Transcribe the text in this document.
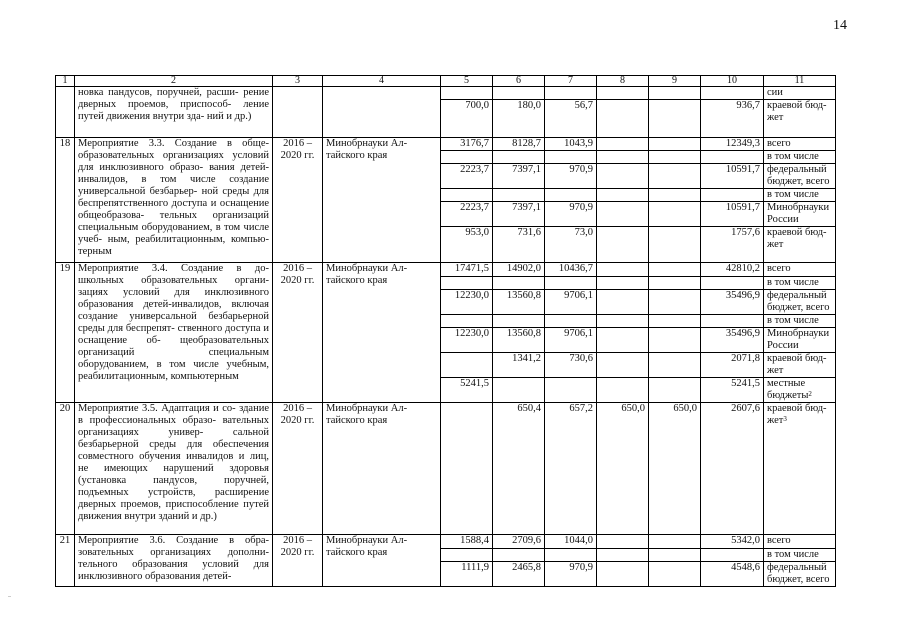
14
1	2	3	4	5	6	7	8	9	10	11
	новка пандусов, поручней, расши- рение дверных проемов, приспособ- ление путей движения внутри зда- ний и др.)									сии
				700,0	180,0	56,7			936,7	краевой бюд- жет
18	Мероприятие 3.3. Создание в обще- образовательных организациях условий для инклюзивного образо- вания детей-инвалидов, в том числе создание универсальной безбарьер- ной среды для беспрепятственного доступа и оснащение общеобразова- тельных организаций специальным оборудованием, в том числе учеб- ным, реабилитационным, компью- терным	2016 – 2020 гг.	Минобрнауки Ал- тайского края	3176,7	8128,7	1043,9			12349,3	всего
										в том числе
				2223,7	7397,1	970,9			10591,7	федеральный бюджет, всего
										в том числе
				2223,7	7397,1	970,9			10591,7	Минобрнауки России
				953,0	731,6	73,0			1757,6	краевой бюд- жет
19	Мероприятие 3.4. Создание в до- школьных образовательных органи- зациях условий для инклюзивного образования детей-инвалидов, включая создание универсальной безбарьерной среды для беспрепят- ственного доступа и оснащение об- щеобразовательных организаций специальным оборудованием, в том числе учебным, реабилитационным, компьютерным	2016 – 2020 гг.	Минобрнауки Ал- тайского края	17471,5	14902,0	10436,7			42810,2	всего
										в том числе
				12230,0	13560,8	9706,1			35496,9	федеральный бюджет, всего
										в том числе
				12230,0	13560,8	9706,1			35496,9	Минобрнауки России
					1341,2	730,6			2071,8	краевой бюд- жет
				5241,5					5241,5	местные бюджеты$^2$
20	Мероприятие 3.5. Адаптация и со- здание в профессиональных образо- вательных организациях универ- сальной безбарьерной среды для обеспечения совместного обучения инвалидов и лиц, не имеющих нарушений здоровья (установка пандусов, поручней, подъемных устройств, расширение дверных проемов, приспособление путей движения внутри зданий и др.)	2016 – 2020 гг.	Минобрнауки Ал- тайского края		650,4	657,2	650,0	650,0	2607,6	краевой бюд- жет$^3$
21	Мероприятие 3.6. Создание в обра- зовательных организациях дополни- тельного образования условий для инклюзивного образования детей-	2016 – 2020 гг.	Минобрнауки Ал- тайского края	1588,4	2709,6	1044,0			5342,0	всего
										в том числе
				1111,9	2465,8	970,9			4548,6	федеральный бюджет, всего
